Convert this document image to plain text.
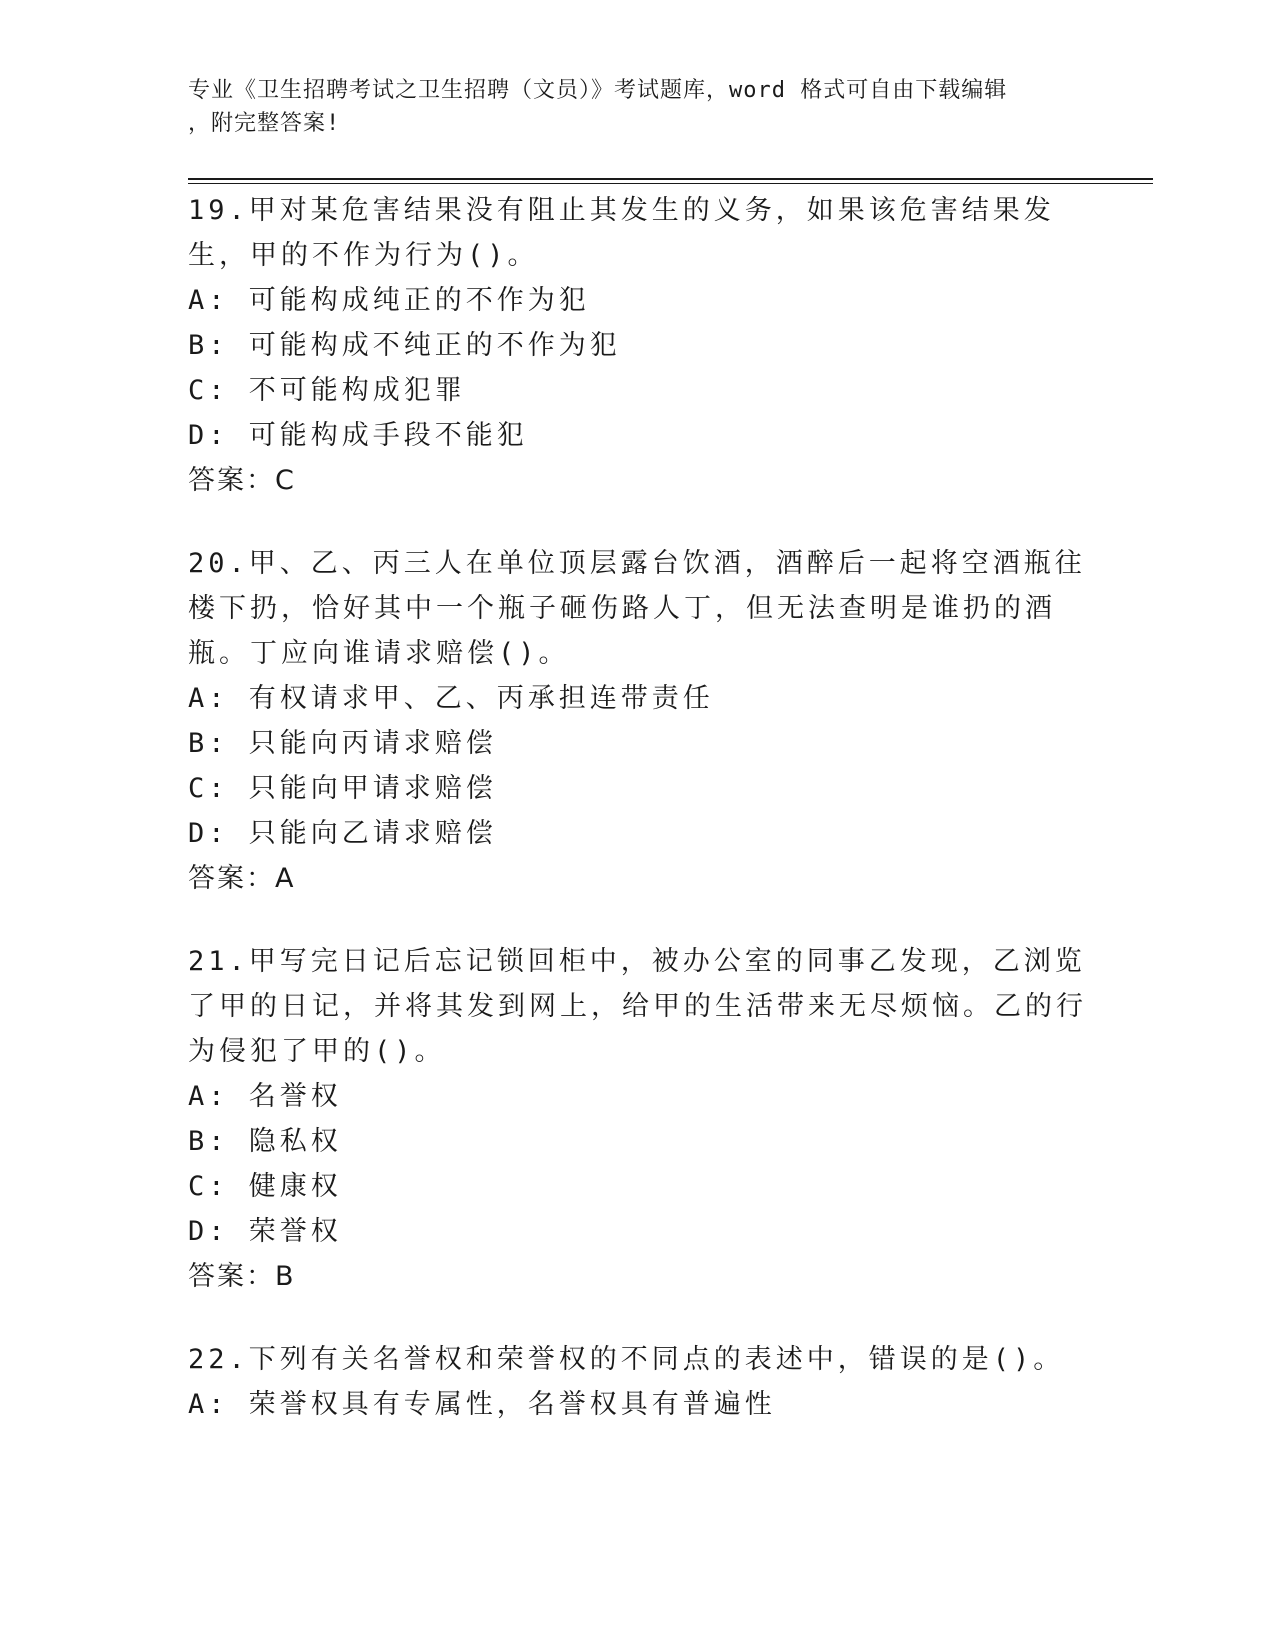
专业《卫生招聘考试之卫生招聘（文员）》考试题库，word 格式可自由下载编辑
，附完整答案!
19.甲对某危害结果没有阻止其发生的义务，如果该危害结果发生，甲的不作为行为()。
A: 可能构成纯正的不作为犯
B: 可能构成不纯正的不作为犯
C: 不可能构成犯罪
D: 可能构成手段不能犯
答案：C
20.甲、乙、丙三人在单位顶层露台饮酒，酒醉后一起将空酒瓶往楼下扔，恰好其中一个瓶子砸伤路人丁，但无法查明是谁扔的酒瓶。丁应向谁请求赔偿()。
A: 有权请求甲、乙、丙承担连带责任
B: 只能向丙请求赔偿
C: 只能向甲请求赔偿
D: 只能向乙请求赔偿
答案：A
21.甲写完日记后忘记锁回柜中，被办公室的同事乙发现，乙浏览了甲的日记，并将其发到网上，给甲的生活带来无尽烦恼。乙的行为侵犯了甲的()。
A: 名誉权
B: 隐私权
C: 健康权
D: 荣誉权
答案：B
22.下列有关名誉权和荣誉权的不同点的表述中，错误的是()。
A: 荣誉权具有专属性，名誉权具有普遍性
